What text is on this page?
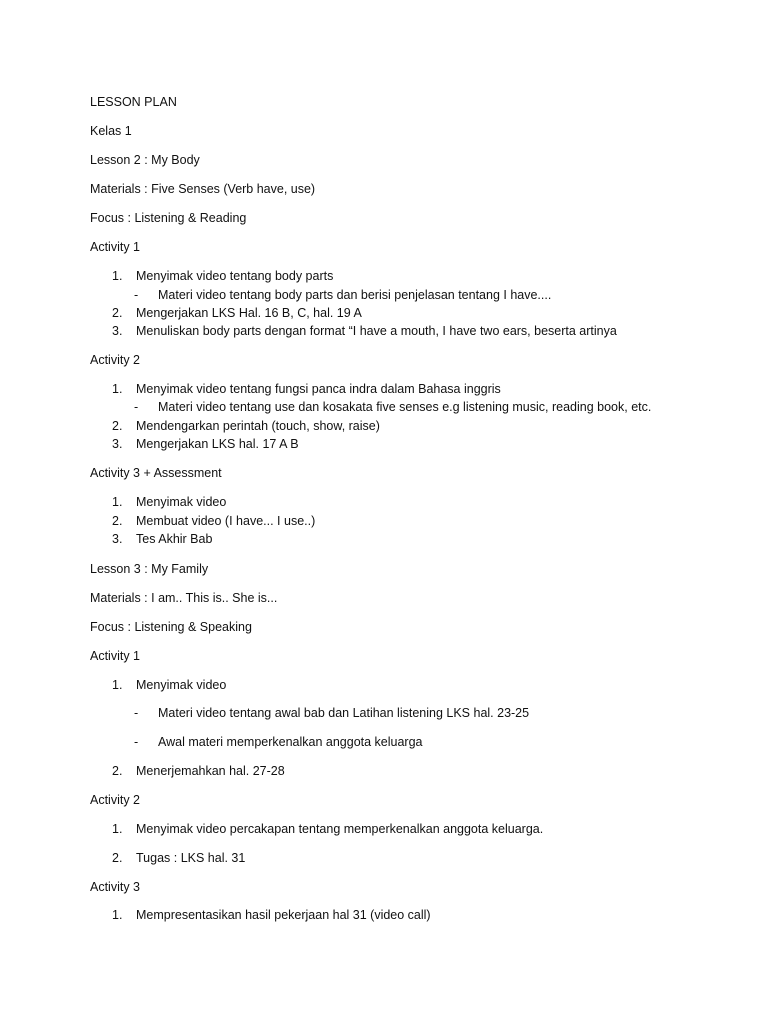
LESSON PLAN
Kelas 1
Lesson 2 : My Body
Materials : Five Senses (Verb have, use)
Focus : Listening & Reading
Activity 1
1. Menyimak video tentang body parts
- Materi video tentang body parts dan berisi penjelasan tentang I have....
2. Mengerjakan LKS Hal. 16 B, C, hal. 19 A
3. Menuliskan body parts dengan format “I have a mouth, I have two ears, beserta artinya
Activity 2
1. Menyimak video tentang fungsi panca indra dalam Bahasa inggris
- Materi video tentang use dan kosakata five senses e.g listening music, reading book, etc.
2. Mendengarkan perintah (touch, show, raise)
3. Mengerjakan LKS hal. 17 A B
Activity 3 + Assessment
1. Menyimak video
2. Membuat video (I have... I use..)
3. Tes Akhir Bab
Lesson 3 : My Family
Materials : I am.. This is.. She is...
Focus : Listening & Speaking
Activity 1
1. Menyimak video
- Materi video tentang awal bab dan Latihan listening LKS hal. 23-25
- Awal materi memperkenalkan anggota keluarga
2. Menerjemahkan hal. 27-28
Activity 2
1. Menyimak video percakapan tentang memperkenalkan anggota keluarga.
2. Tugas : LKS hal. 31
Activity 3
1. Mempresentasikan hasil pekerjaan hal 31 (video call)
